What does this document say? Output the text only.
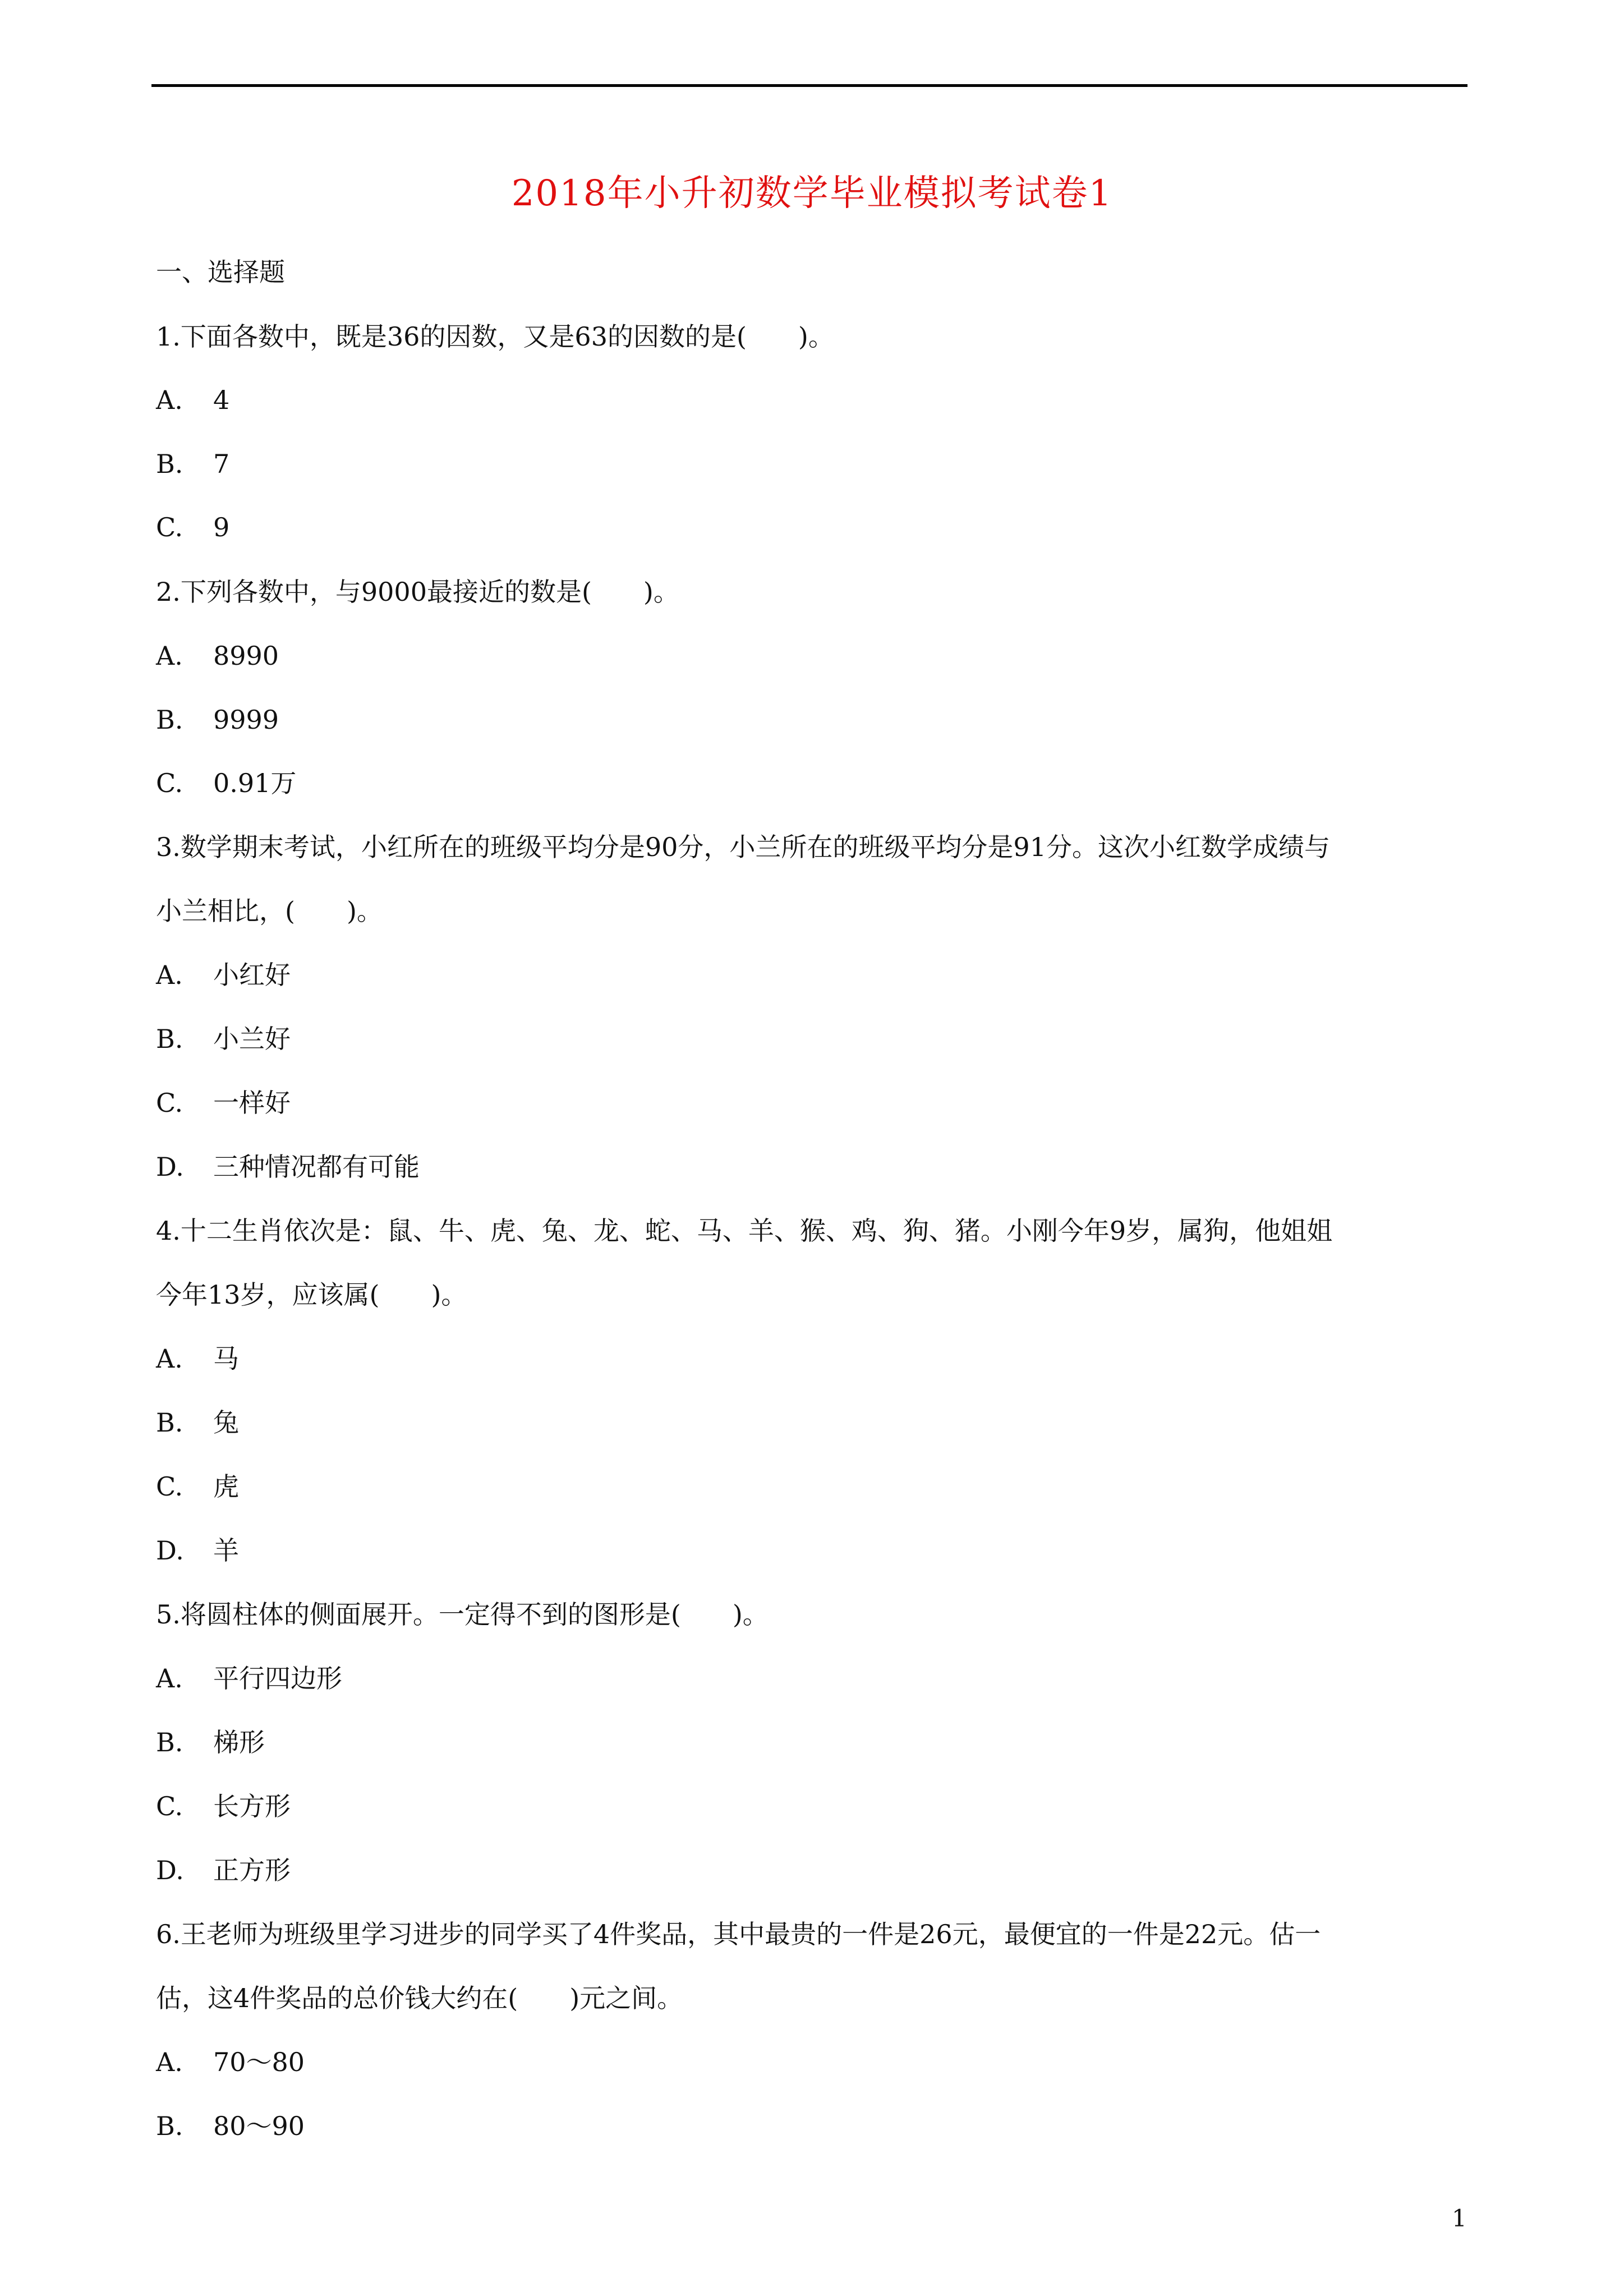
2018年小升初数学毕业模拟考试卷1
一、选择题
1.下面各数中，既是36的因数，又是63的因数的是(　　)。
A. 4
B. 7
C. 9
2.下列各数中，与9000最接近的数是(　　)。
A. 8990
B. 9999
C. 0.91万
3.数学期末考试，小红所在的班级平均分是90分，小兰所在的班级平均分是91分。这次小红数学成绩与
小兰相比，(　　)。
A. 小红好
B. 小兰好
C. 一样好
D. 三种情况都有可能
4.十二生肖依次是：鼠、牛、虎、兔、龙、蛇、马、羊、猴、鸡、狗、猪。小刚今年9岁，属狗，他姐姐
今年13岁，应该属(　　)。
A. 马
B. 兔
C. 虎
D. 羊
5.将圆柱体的侧面展开。一定得不到的图形是(　　)。
A. 平行四边形
B. 梯形
C. 长方形
D. 正方形
6.王老师为班级里学习进步的同学买了4件奖品，其中最贵的一件是26元，最便宜的一件是22元。估一
估，这4件奖品的总价钱大约在(　　)元之间。
A. 70～80
B. 80～90
1
